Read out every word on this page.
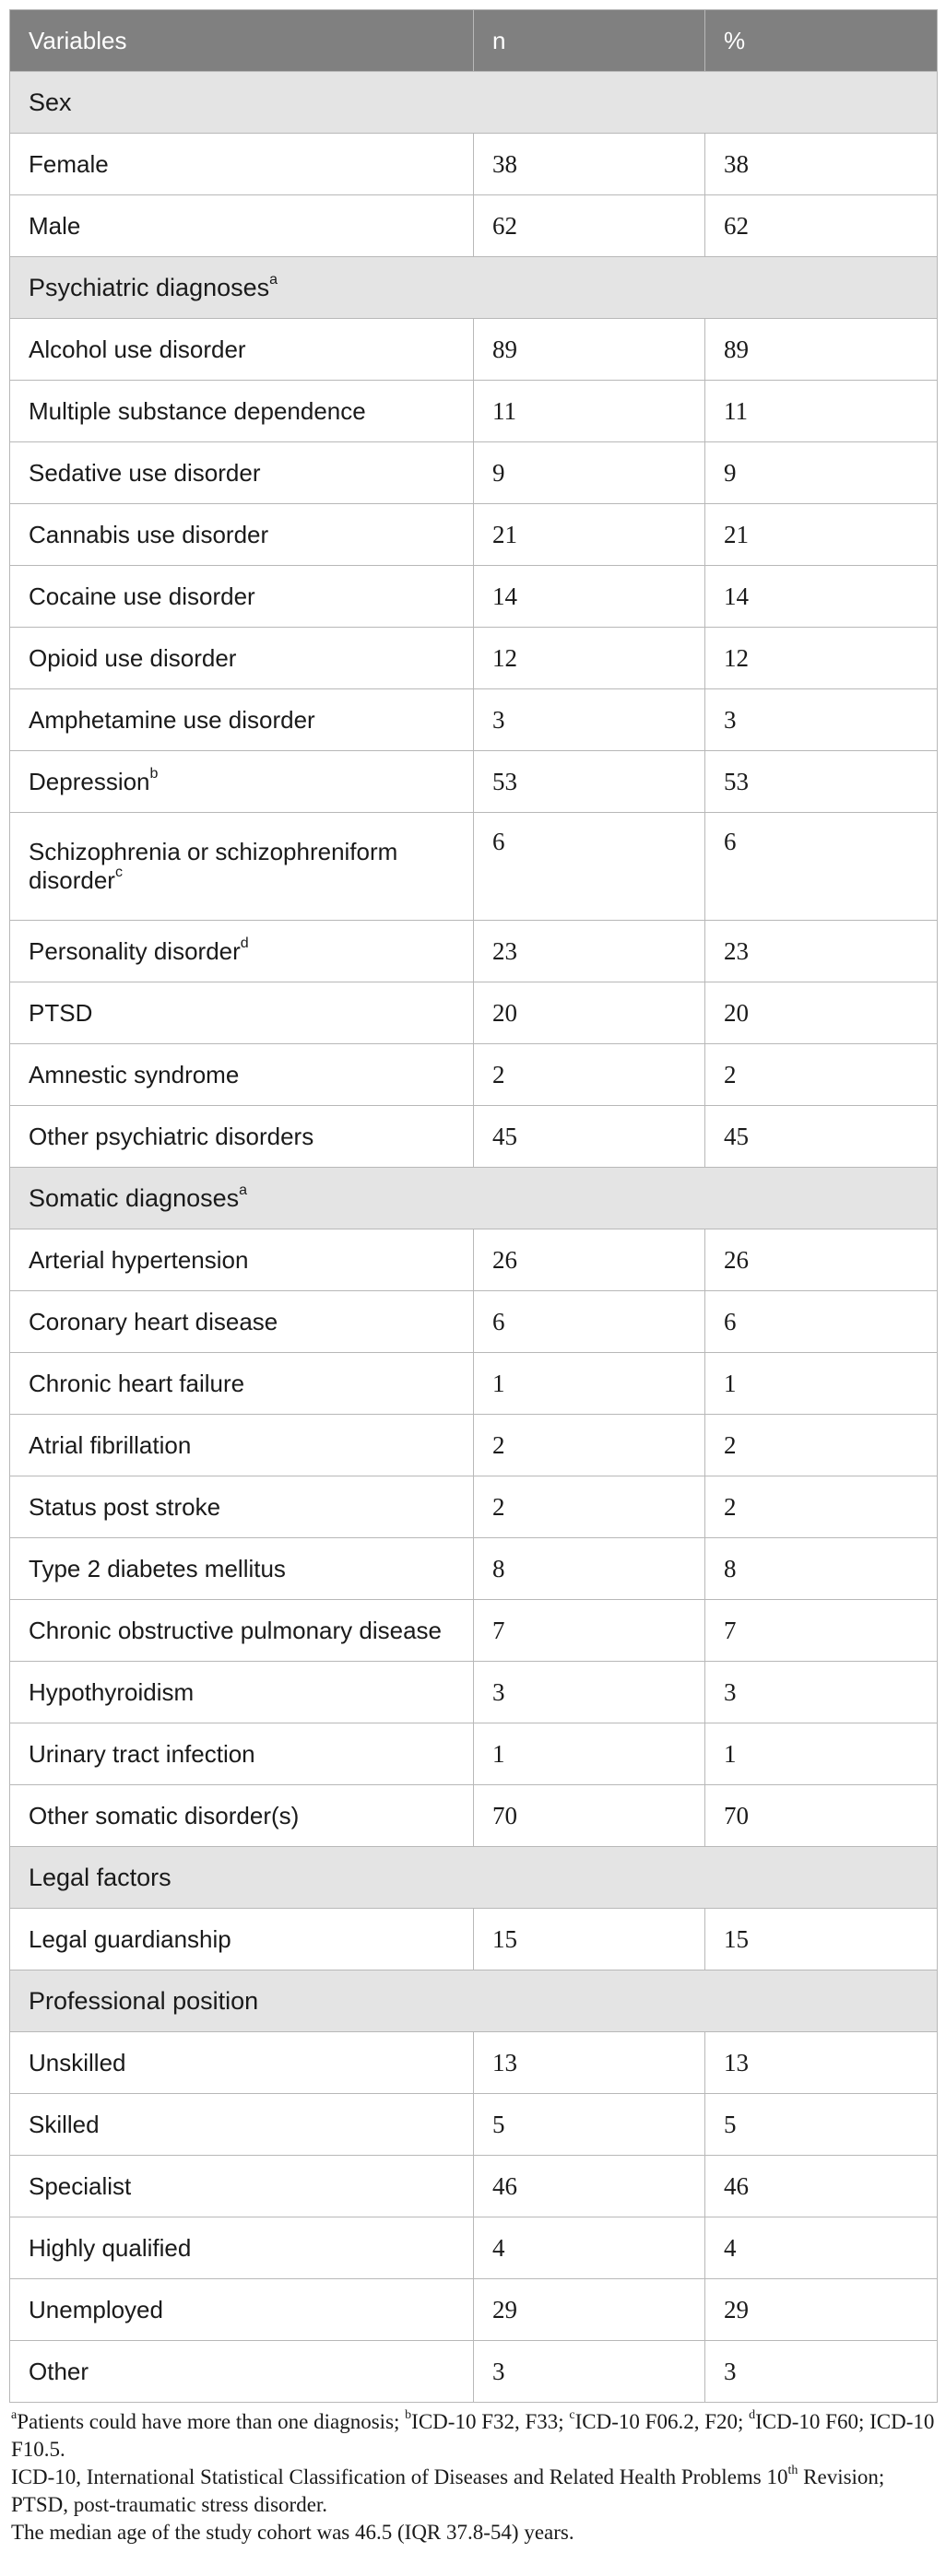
Variables	n	%
Sex		
Female	38	38
Male	62	62
Psychiatric diagnoses$^a$
Alcohol use disorder	89	89
Multiple substance dependence	11	11
Sedative use disorder	9	9
Cannabis use disorder	21	21
Cocaine use disorder	14	14
Opioid use disorder	12	12
Amphetamine use disorder	3	3
Depression$^b$	53	53
Schizophrenia or schizophreniform disorder$^c$	6	6
Personality disorder$^d$	23	23
PTSD	20	20
Amnestic syndrome	2	2
Other psychiatric disorders	45	45
Somatic diagnoses$^a$
Arterial hypertension	26	26
Coronary heart disease	6	6
Chronic heart failure	1	1
Atrial fibrillation	2	2
Status post stroke	2	2
Type 2 diabetes mellitus	8	8
Chronic obstructive pulmonary disease	7	7
Hypothyroidism	3	3
Urinary tract infection	1	1
Other somatic disorder(s)	70	70
Legal factors		
Legal guardianship	15	15
Professional position		
Unskilled	13	13
Skilled	5	5
Specialist	46	46
Highly qualified	4	4
Unemployed	29	29
Other	3	3
$^a$Patients could have more than one diagnosis; $^b$ICD-10 F32, F33; $^c$ICD-10 F06.2, F20; $^d$ICD-10 F60; ICD-10 F10.5.
ICD-10, International Statistical Classification of Diseases and Related Health Problems 10th Revision; PTSD, post-traumatic stress disorder.
The median age of the study cohort was 46.5 (IQR 37.8-54) years.
